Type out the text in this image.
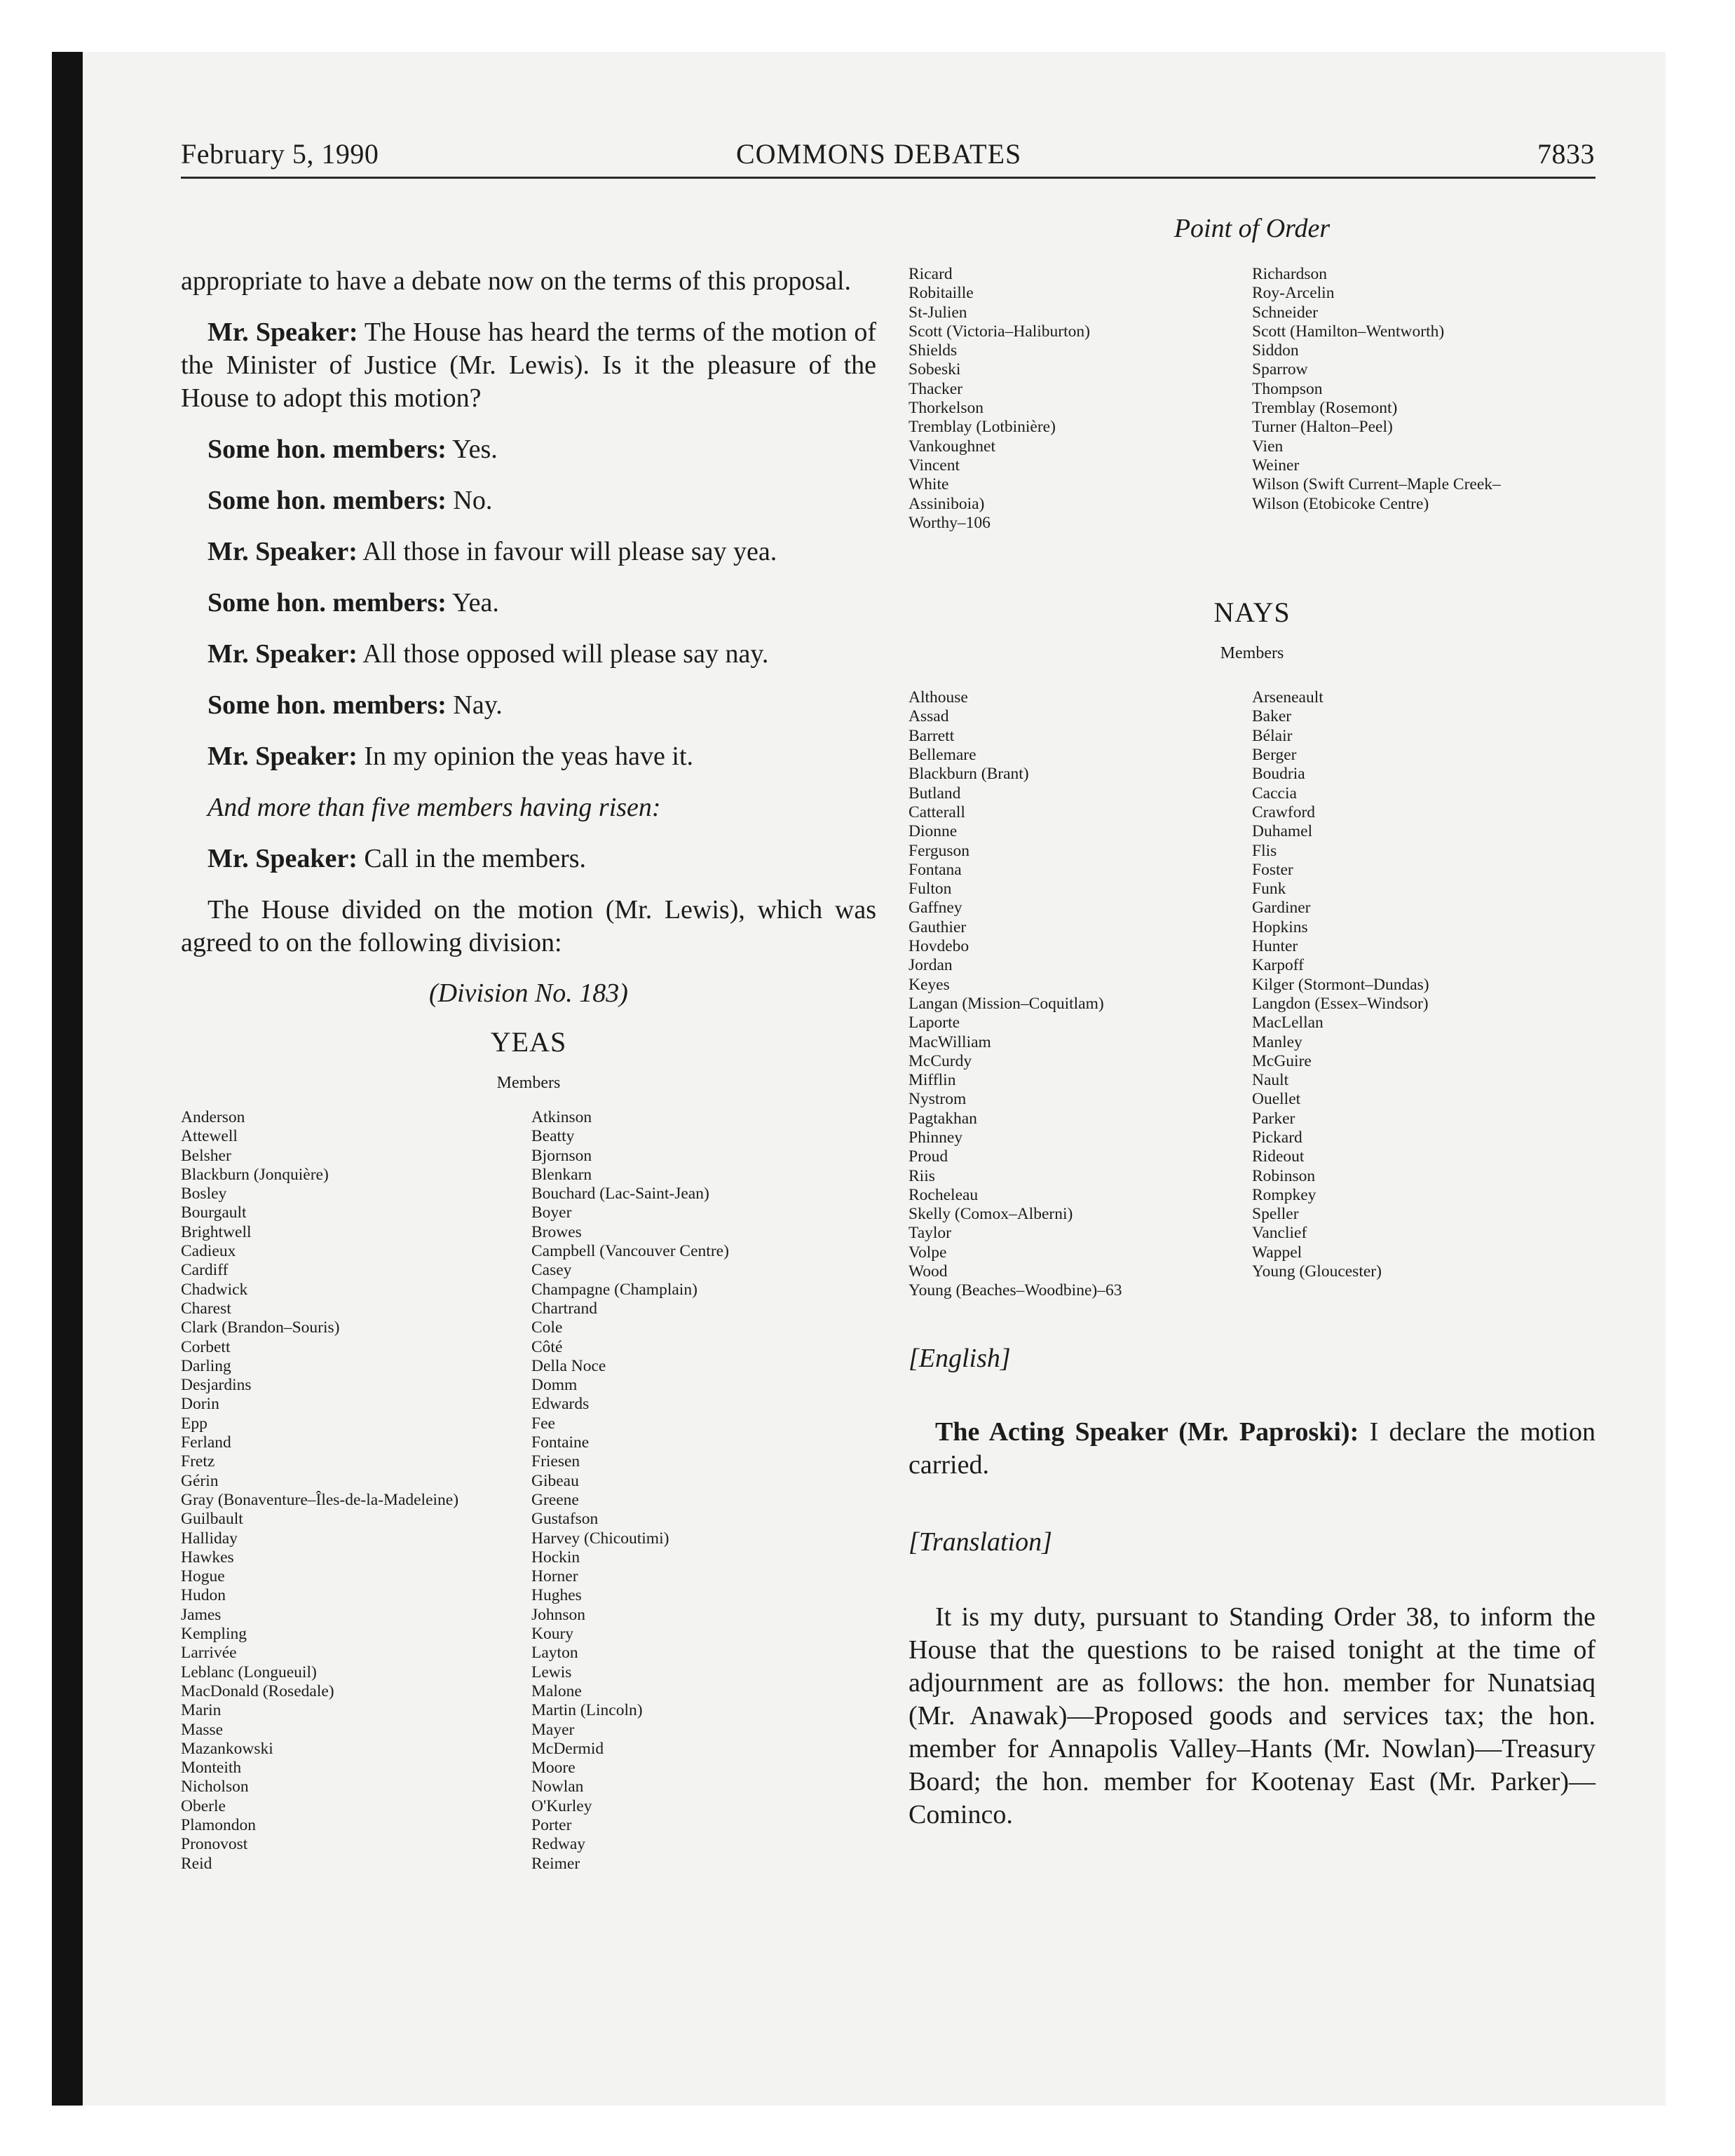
February 5, 1990	COMMONS DEBATES	7833

appropriate to have a debate now on the terms of this proposal.

Mr. Speaker: The House has heard the terms of the motion of the Minister of Justice (Mr. Lewis). Is it the pleasure of the House to adopt this motion?

Some hon. members: Yes.

Some hon. members: No.

Mr. Speaker: All those in favour will please say yea.

Some hon. members: Yea.

Mr. Speaker: All those opposed will please say nay.

Some hon. members: Nay.

Mr. Speaker: In my opinion the yeas have it.

And more than five members having risen:

Mr. Speaker: Call in the members.

The House divided on the motion (Mr. Lewis), which was agreed to on the following division:

(Division No. 183)
YEAS
Members
Anderson
Attewell
Belsher
Blackburn (Jonquière)
Bosley
Bourgault
Brightwell
Cadieux
Cardiff
Chadwick
Charest
Clark (Brandon–Souris)
Corbett
Darling
Desjardins
Dorin
Epp
Ferland
Fretz
Gérin
Gray (Bonaventure–Îles-de-la-Madeleine)
Guilbault
Halliday
Hawkes
Hogue
Hudon
James
Kempling
Larrivée
Leblanc (Longueuil)
MacDonald (Rosedale)
Marin
Masse
Mazankowski
Monteith
Nicholson
Oberle
Plamondon
Pronovost
Reid
Atkinson
Beatty
Bjornson
Blenkarn
Bouchard (Lac-Saint-Jean)
Boyer
Browes
Campbell (Vancouver Centre)
Casey
Champagne (Champlain)
Chartrand
Cole
Côté
Della Noce
Domm
Edwards
Fee
Fontaine
Friesen
Gibeau
Greene
Gustafson
Harvey (Chicoutimi)
Hockin
Horner
Hughes
Johnson
Koury
Layton
Lewis
Malone
Martin (Lincoln)
Mayer
McDermid
Moore
Nowlan
O'Kurley
Porter
Redway
Reimer
Point of Order
Ricard
Robitaille
St-Julien
Scott (Victoria–Haliburton)
Shields
Sobeski
Thacker
Thorkelson
Tremblay (Lotbinière)
Vankoughnet
Vincent
White
Assiniboia)
Worthy–106
Richardson
Roy-Arcelin
Schneider
Scott (Hamilton–Wentworth)
Siddon
Sparrow
Thompson
Tremblay (Rosemont)
Turner (Halton–Peel)
Vien
Weiner
Wilson (Swift Current–Maple Creek–
Wilson (Etobicoke Centre)
NAYS
Members
Althouse
Assad
Barrett
Bellemare
Blackburn (Brant)
Butland
Catterall
Dionne
Ferguson
Fontana
Fulton
Gaffney
Gauthier
Hovdebo
Jordan
Keyes
Langan (Mission–Coquitlam)
Laporte
MacWilliam
McCurdy
Mifflin
Nystrom
Pagtakhan
Phinney
Proud
Riis
Rocheleau
Skelly (Comox–Alberni)
Taylor
Volpe
Wood
Young (Beaches–Woodbine)–63
Arseneault
Baker
Bélair
Berger
Boudria
Caccia
Crawford
Duhamel
Flis
Foster
Funk
Gardiner
Hopkins
Hunter
Karpoff
Kilger (Stormont–Dundas)
Langdon (Essex–Windsor)
MacLellan
Manley
McGuire
Nault
Ouellet
Parker
Pickard
Rideout
Robinson
Rompkey
Speller
Vanclief
Wappel
Young (Gloucester)

[English]

The Acting Speaker (Mr. Paproski): I declare the motion carried.

[Translation]

It is my duty, pursuant to Standing Order 38, to inform the House that the questions to be raised tonight at the time of adjournment are as follows: the hon. member for Nunatsiaq (Mr. Anawak)—Proposed goods and services tax; the hon. member for Annapolis Valley–Hants (Mr. Nowlan)—Treasury Board; the hon. member for Kootenay East (Mr. Parker)—Cominco.
